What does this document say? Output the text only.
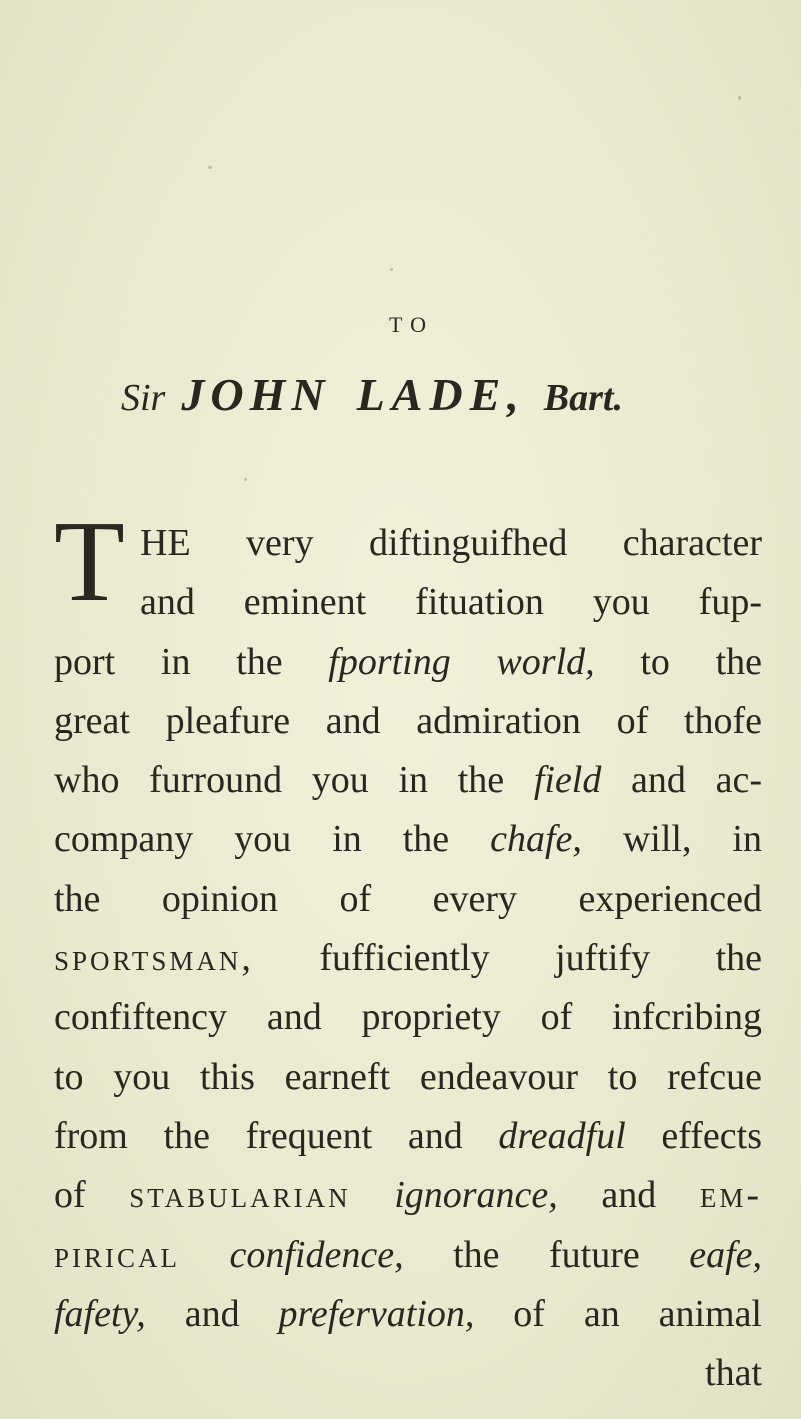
TO
Sir JOHN LADE, Bart.
T HE very diftinguifhed character
and eminent fituation you fup-
port in the fporting world, to the
great pleafure and admiration of thofe
who furround you in the field and ac-
company you in the chafe, will, in
the opinion of every experienced
sportsman, fufficiently juftify the
confiftency and propriety of infcribing
to you this earneft endeavour to refcue
from the frequent and dreadful effects
of stabularian ignorance, and em-
pirical confidence, the future eafe,
fafety, and prefervation, of an animal
that
